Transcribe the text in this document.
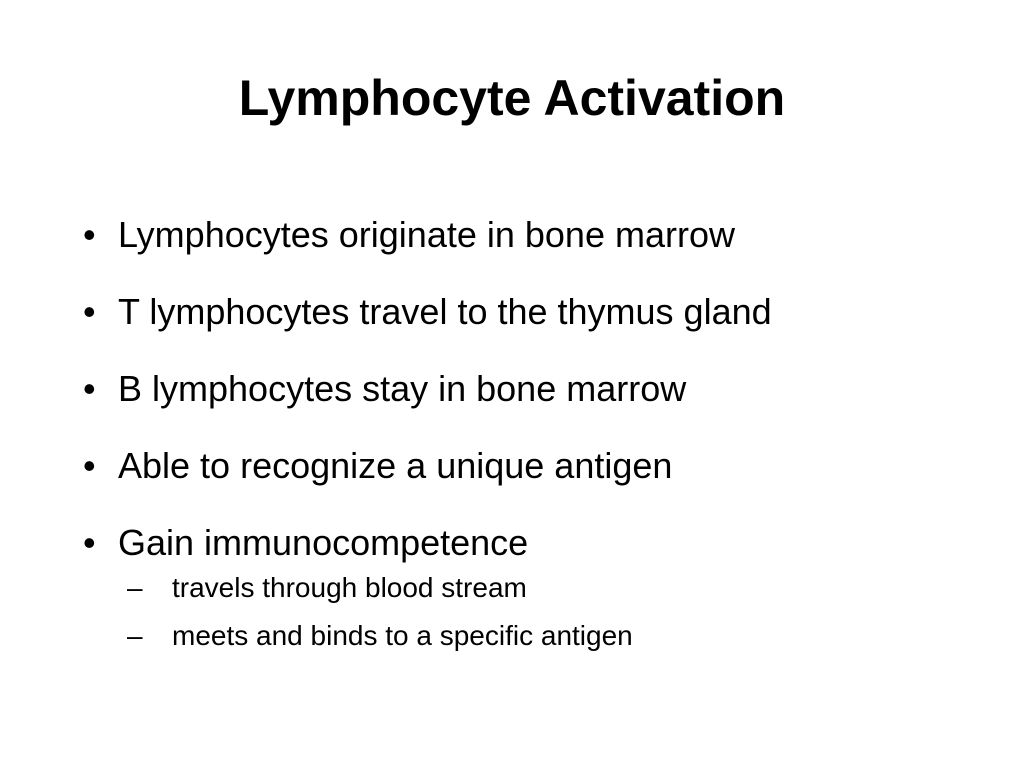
Lymphocyte Activation
• Lymphocytes originate in bone marrow
• T lymphocytes travel to the thymus gland
• B lymphocytes stay in bone marrow
• Able to recognize a unique antigen
• Gain immunocompetence
– travels through blood stream
– meets and binds to a specific antigen
